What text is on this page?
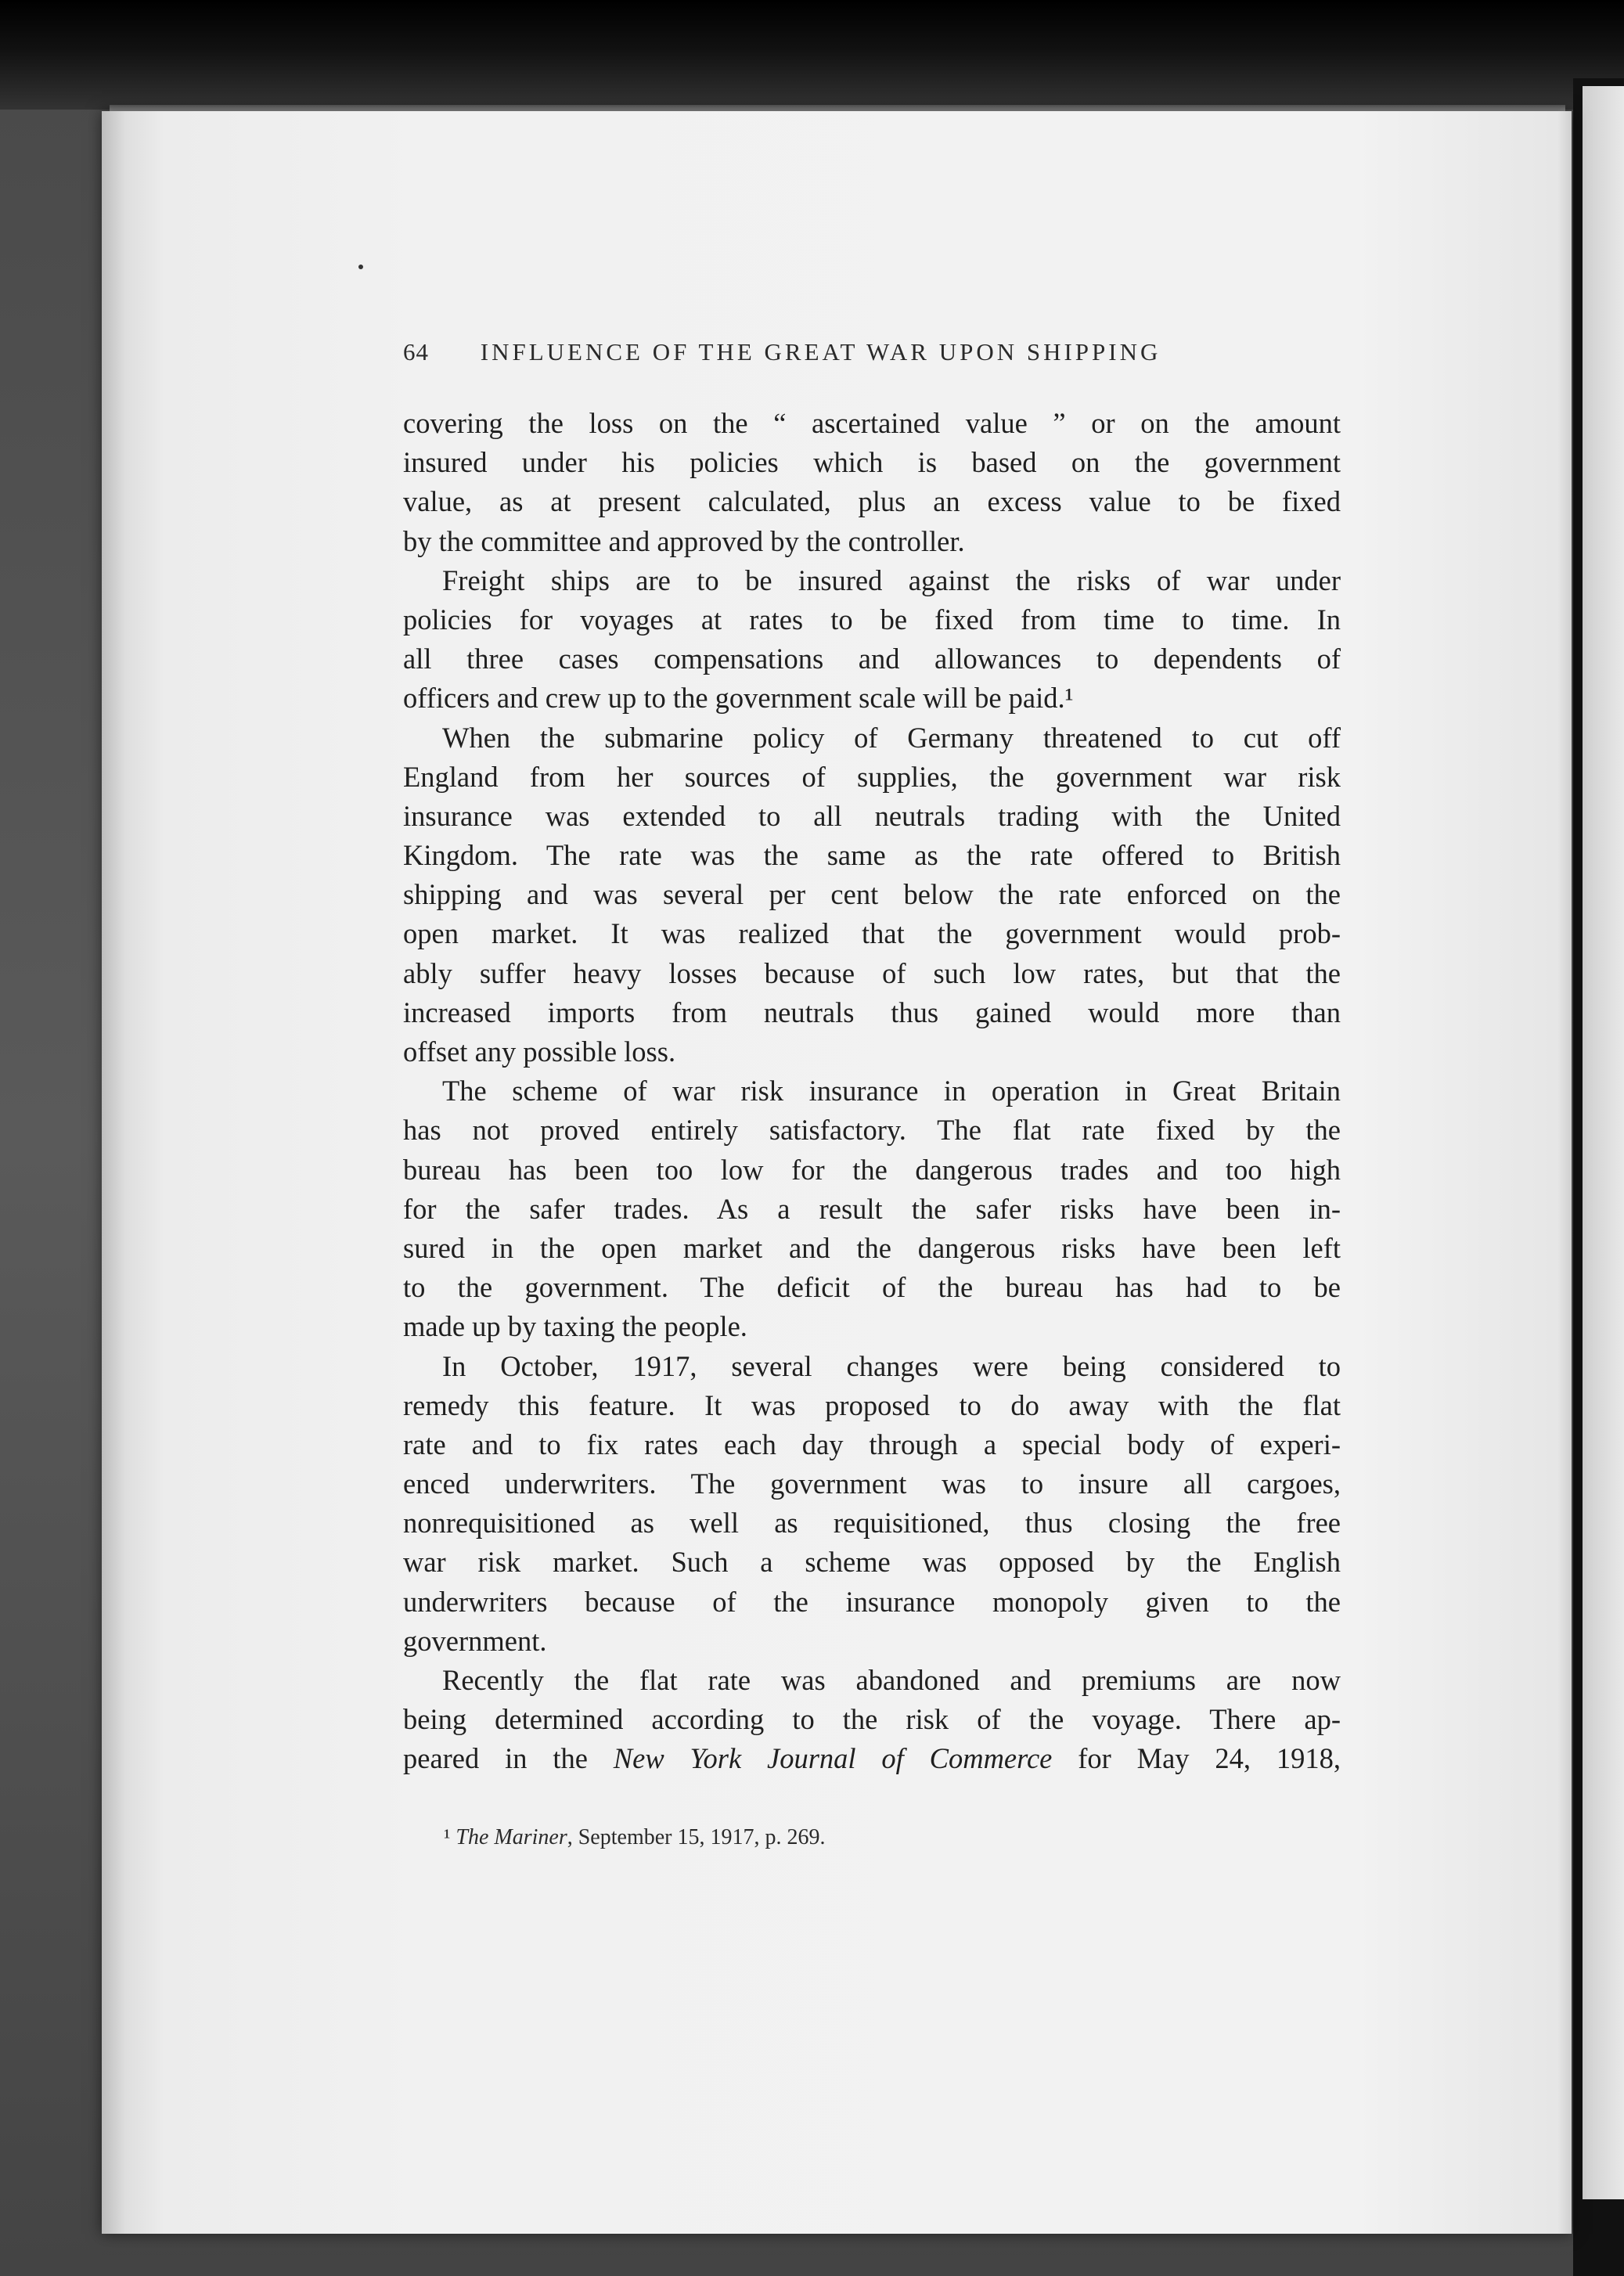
64 INFLUENCE OF THE GREAT WAR UPON SHIPPING
covering the loss on the “ ascertained value ” or on the amount
insured under his policies which is based on the government
value, as at present calculated, plus an excess value to be fixed
by the committee and approved by the controller.
Freight ships are to be insured against the risks of war under
policies for voyages at rates to be fixed from time to time. In
all three cases compensations and allowances to dependents of
officers and crew up to the government scale will be paid.¹
When the submarine policy of Germany threatened to cut off
England from her sources of supplies, the government war risk
insurance was extended to all neutrals trading with the United
Kingdom. The rate was the same as the rate offered to British
shipping and was several per cent below the rate enforced on the
open market. It was realized that the government would prob-
ably suffer heavy losses because of such low rates, but that the
increased imports from neutrals thus gained would more than
offset any possible loss.
The scheme of war risk insurance in operation in Great Britain
has not proved entirely satisfactory. The flat rate fixed by the
bureau has been too low for the dangerous trades and too high
for the safer trades. As a result the safer risks have been in-
sured in the open market and the dangerous risks have been left
to the government. The deficit of the bureau has had to be
made up by taxing the people.
In October, 1917, several changes were being considered to
remedy this feature. It was proposed to do away with the flat
rate and to fix rates each day through a special body of experi-
enced underwriters. The government was to insure all cargoes,
nonrequisitioned as well as requisitioned, thus closing the free
war risk market. Such a scheme was opposed by the English
underwriters because of the insurance monopoly given to the
government.
Recently the flat rate was abandoned and premiums are now
being determined according to the risk of the voyage. There ap-
peared in the New York Journal of Commerce for May 24, 1918,
¹ The Mariner, September 15, 1917, p. 269.
